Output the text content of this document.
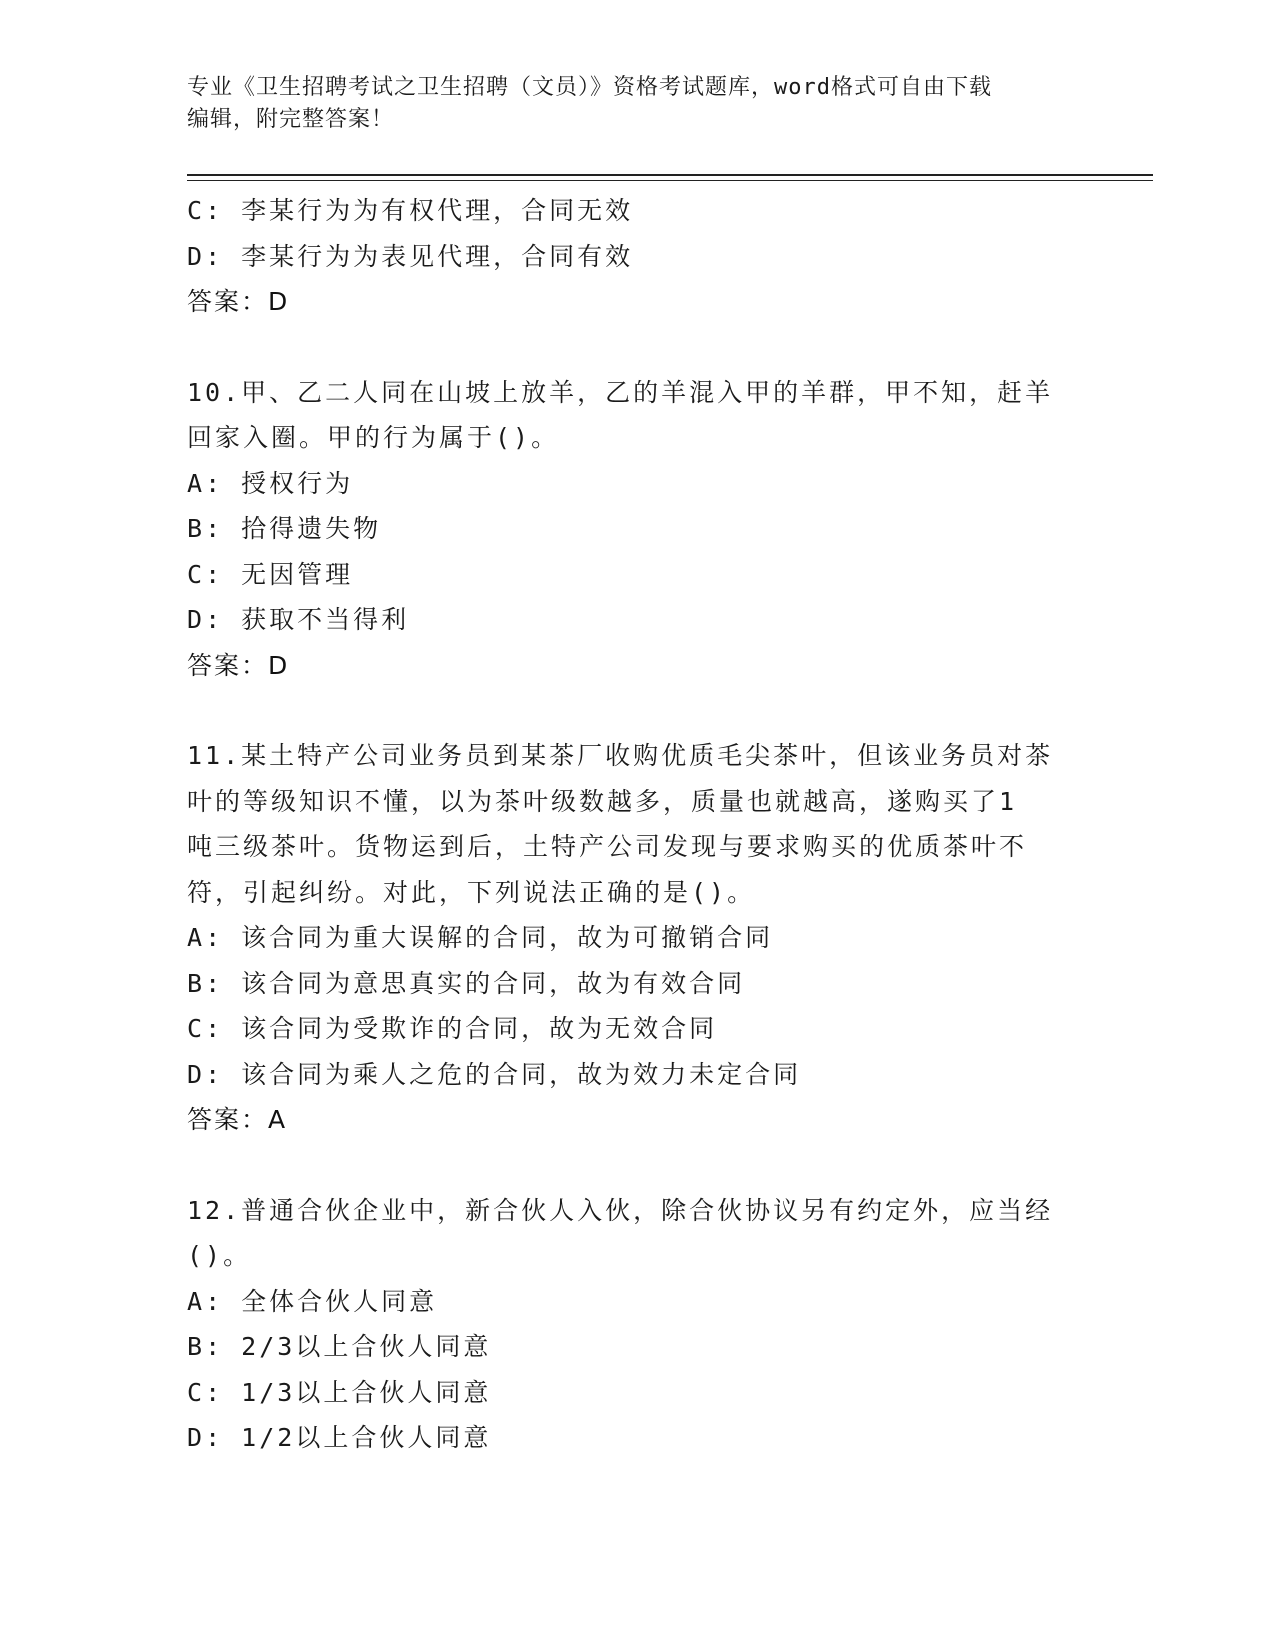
专业《卫生招聘考试之卫生招聘（文员）》资格考试题库，word格式可自由下载
编辑，附完整答案！
C: 李某行为为有权代理，合同无效
D: 李某行为为表见代理，合同有效
答案：D
10.甲、乙二人同在山坡上放羊，乙的羊混入甲的羊群，甲不知，赶羊
回家入圈。甲的行为属于()。
A: 授权行为
B: 拾得遗失物
C: 无因管理
D: 获取不当得利
答案：D
11.某土特产公司业务员到某茶厂收购优质毛尖茶叶，但该业务员对茶
叶的等级知识不懂，以为茶叶级数越多，质量也就越高，遂购买了1
吨三级茶叶。货物运到后，土特产公司发现与要求购买的优质茶叶不
符，引起纠纷。对此，下列说法正确的是()。
A: 该合同为重大误解的合同，故为可撤销合同
B: 该合同为意思真实的合同，故为有效合同
C: 该合同为受欺诈的合同，故为无效合同
D: 该合同为乘人之危的合同，故为效力未定合同
答案：A
12.普通合伙企业中，新合伙人入伙，除合伙协议另有约定外，应当经
()。
A: 全体合伙人同意
B: 2/3以上合伙人同意
C: 1/3以上合伙人同意
D: 1/2以上合伙人同意
